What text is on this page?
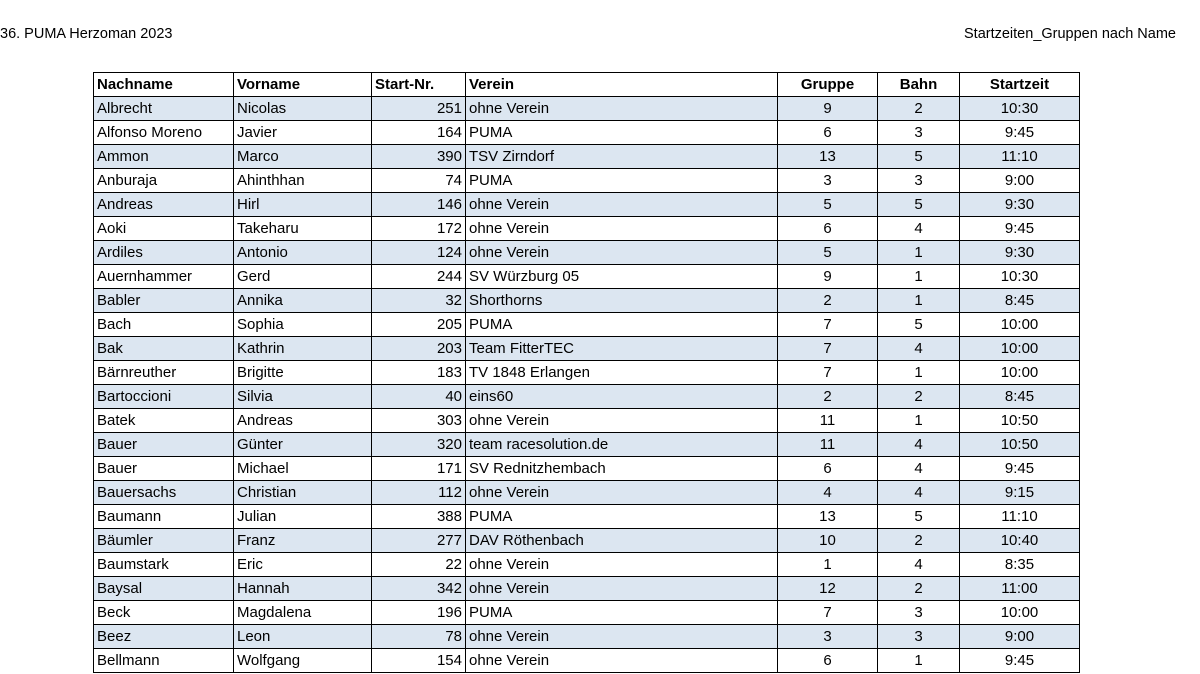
36. PUMA Herzoman 2023	Startzeiten_Gruppen nach Name
Nachname	Vorname	Start-Nr.	Verein	Gruppe	Bahn	Startzeit
Albrecht	Nicolas	251	ohne Verein	9	2	10:30
Alfonso Moreno	Javier	164	PUMA	6	3	9:45
Ammon	Marco	390	TSV Zirndorf	13	5	11:10
Anburaja	Ahinthhan	74	PUMA	3	3	9:00
Andreas	Hirl	146	ohne Verein	5	5	9:30
Aoki	Takeharu	172	ohne Verein	6	4	9:45
Ardiles	Antonio	124	ohne Verein	5	1	9:30
Auernhammer	Gerd	244	SV Würzburg 05	9	1	10:30
Babler	Annika	32	Shorthorns	2	1	8:45
Bach	Sophia	205	PUMA	7	5	10:00
Bak	Kathrin	203	Team FitterTEC	7	4	10:00
Bärnreuther	Brigitte	183	TV 1848 Erlangen	7	1	10:00
Bartoccioni	Silvia	40	eins60	2	2	8:45
Batek	Andreas	303	ohne Verein	11	1	10:50
Bauer	Günter	320	team racesolution.de	11	4	10:50
Bauer	Michael	171	SV Rednitzhembach	6	4	9:45
Bauersachs	Christian	112	ohne Verein	4	4	9:15
Baumann	Julian	388	PUMA	13	5	11:10
Bäumler	Franz	277	DAV Röthenbach	10	2	10:40
Baumstark	Eric	22	ohne Verein	1	4	8:35
Baysal	Hannah	342	ohne Verein	12	2	11:00
Beck	Magdalena	196	PUMA	7	3	10:00
Beez	Leon	78	ohne Verein	3	3	9:00
Bellmann	Wolfgang	154	ohne Verein	6	1	9:45
